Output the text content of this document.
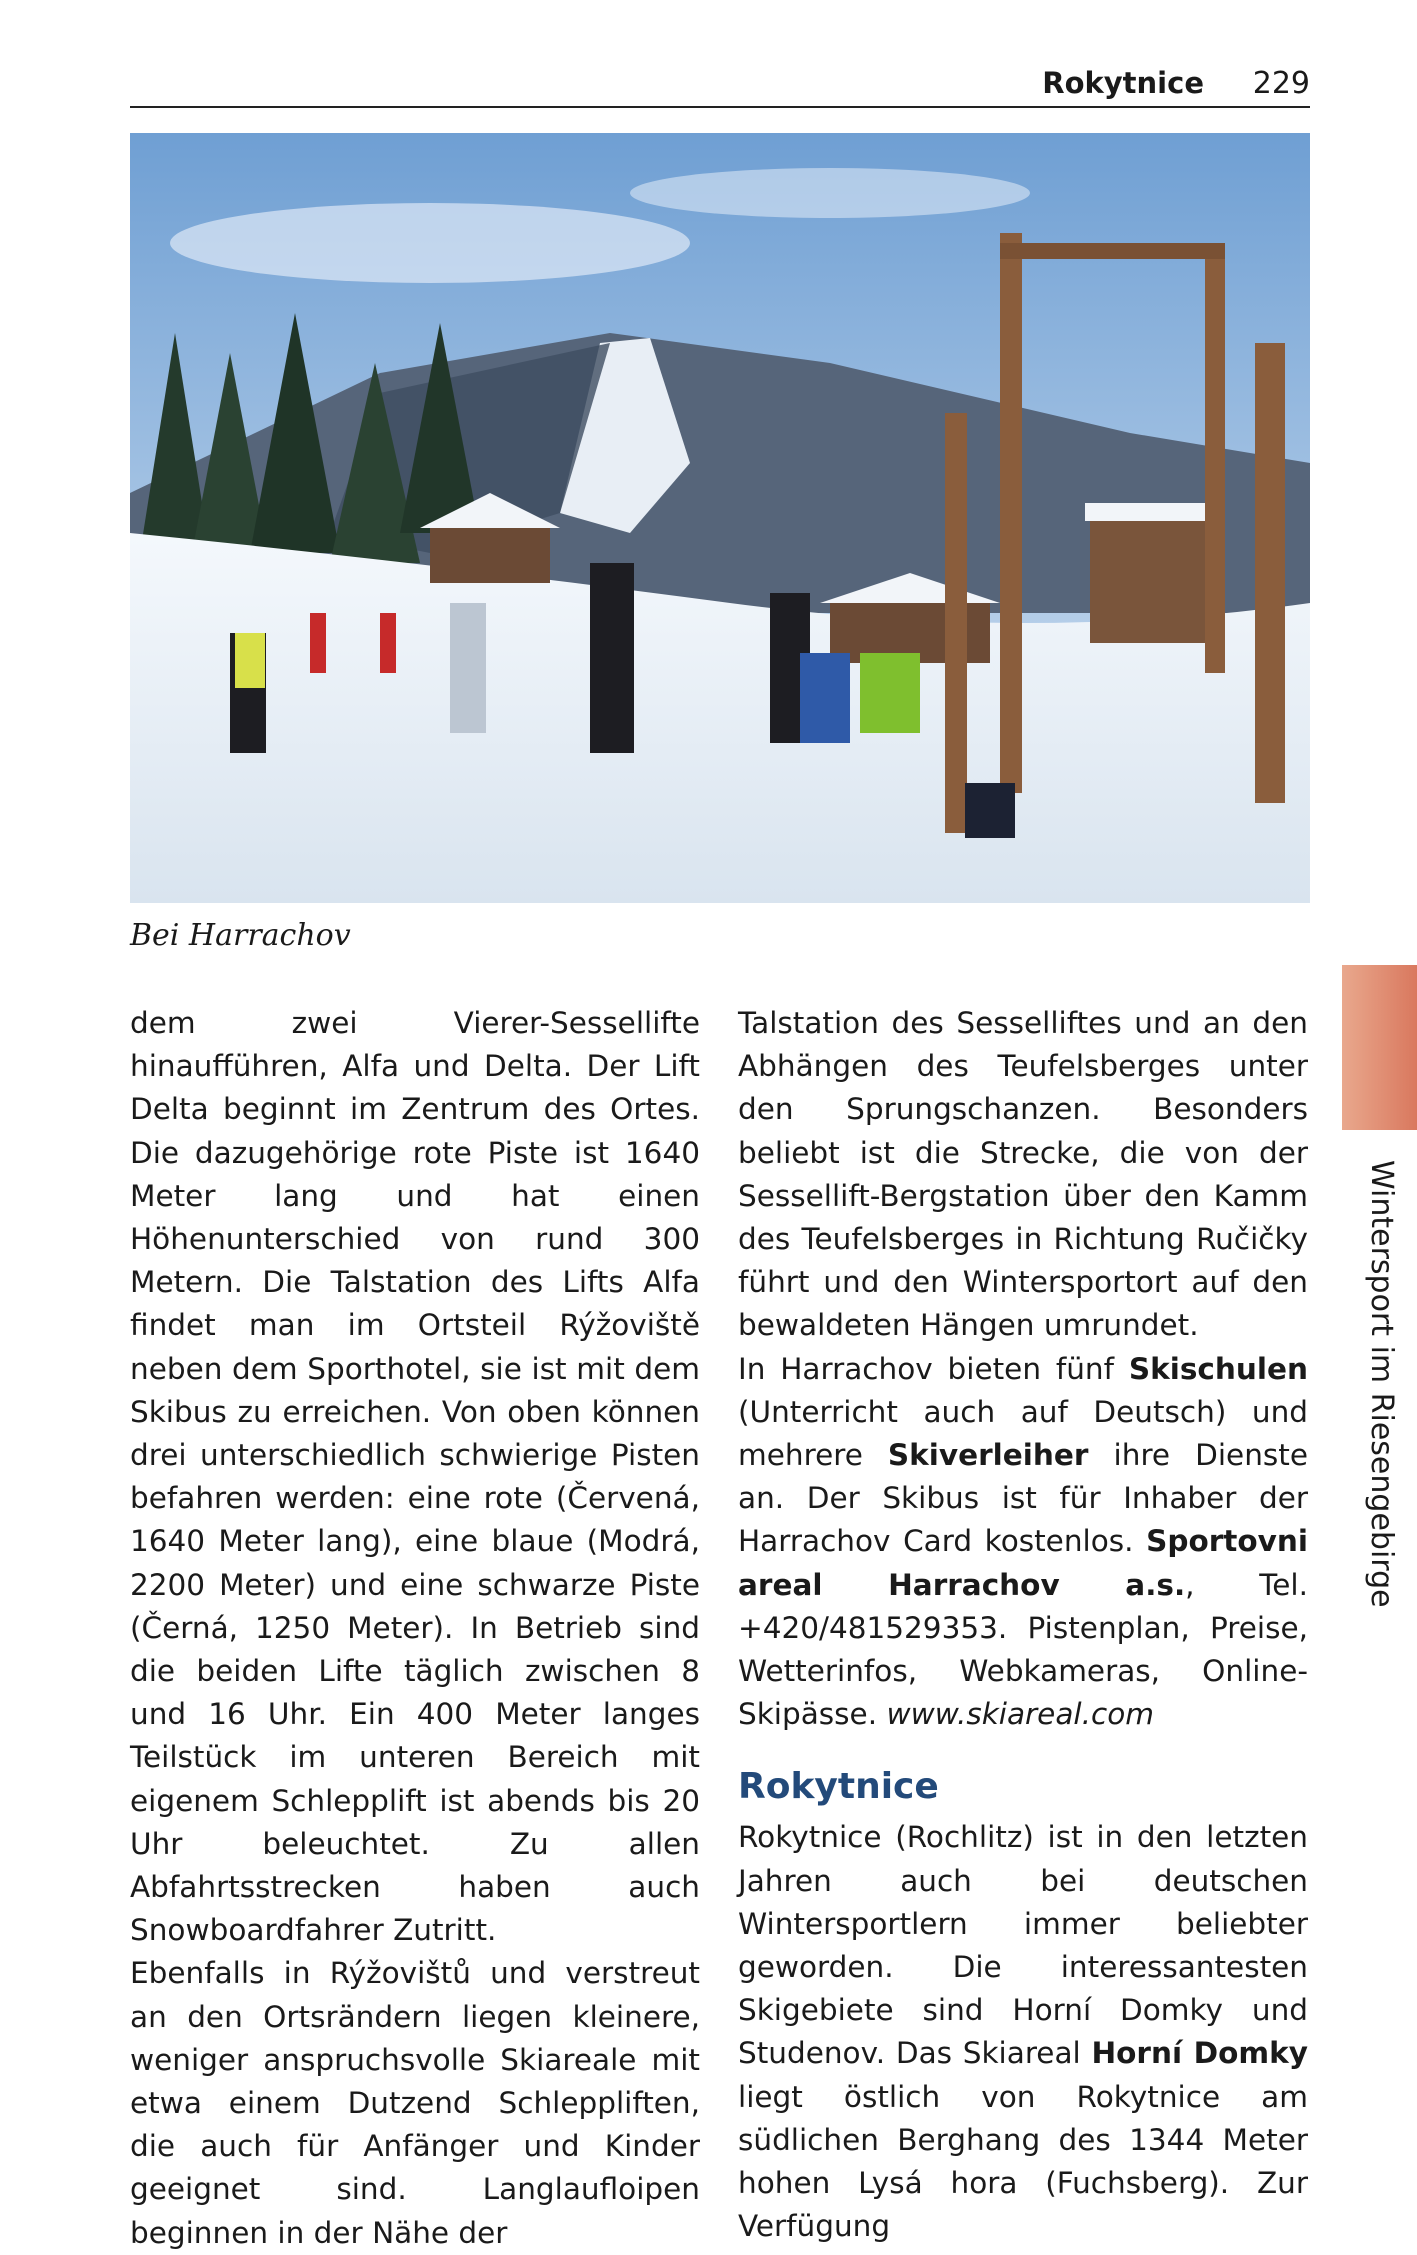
Rokytnice 229
Bei Harrachov

dem zwei Vierer-Sessellifte hinaufführen, Alfa und Delta. Der Lift Delta beginnt im Zentrum des Ortes. Die dazugehörige rote Piste ist 1640 Meter lang und hat einen Höhenunterschied von rund 300 Metern. Die Talstation des Lifts Alfa findet man im Ortsteil Rýžoviště neben dem Sporthotel, sie ist mit dem Skibus zu erreichen. Von oben können drei unterschiedlich schwierige Pisten befahren werden: eine rote (Červená, 1640 Meter lang), eine blaue (Modrá, 2200 Meter) und eine schwarze Piste (Černá, 1250 Meter). In Betrieb sind die beiden Lifte täglich zwischen 8 und 16 Uhr. Ein 400 Meter langes Teilstück im unteren Bereich mit eigenem Schlepplift ist abends bis 20 Uhr beleuchtet. Zu allen Abfahrtsstrecken haben auch Snowboardfahrer Zutritt.

Ebenfalls in Rýžovištů und verstreut an den Ortsrändern liegen kleinere, weniger anspruchsvolle Skiareale mit etwa einem Dutzend Schleppliften, die auch für Anfänger und Kinder geeignet sind. Langlaufloipen beginnen in der Nähe der

Talstation des Sesselliftes und an den Abhängen des Teufelsberges unter den Sprungschanzen. Besonders beliebt ist die Strecke, die von der Sessellift-Bergstation über den Kamm des Teufelsberges in Richtung Ručičky führt und den Wintersportort auf den bewaldeten Hängen umrundet.

In Harrachov bieten fünf Skischulen (Unterricht auch auf Deutsch) und mehrere Skiverleiher ihre Dienste an. Der Skibus ist für Inhaber der Harrachov Card kostenlos. Sportovni areal Harrachov a.s., Tel. +420/481529353. Pistenplan, Preise, Wetterinfos, Webkameras, Online-Skipässe. www.skiareal.com

Rokytnice

Rokytnice (Rochlitz) ist in den letzten Jahren auch bei deutschen Wintersportlern immer beliebter geworden. Die interessantesten Skigebiete sind Horní Domky und Studenov. Das Skiareal Horní Domky liegt östlich von Rokytnice am südlichen Berghang des 1344 Meter hohen Lysá hora (Fuchsberg). Zur Verfügung

Wintersport im Riesengebirge
